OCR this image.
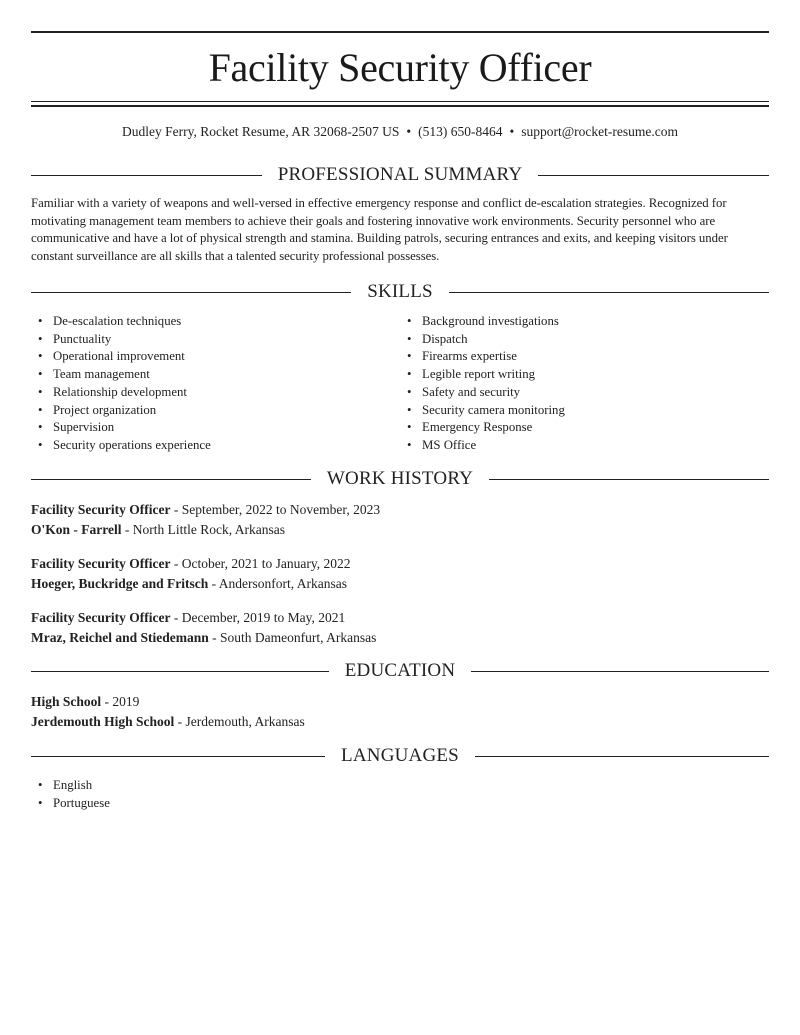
Facility Security Officer
Dudley Ferry, Rocket Resume, AR 32068-2507 US • (513) 650-8464 • support@rocket-resume.com
PROFESSIONAL SUMMARY

Familiar with a variety of weapons and well-versed in effective emergency response and conflict de-escalation strategies. Recognized for motivating management team members to achieve their goals and fostering innovative work environments. Security personnel who are communicative and have a lot of physical strength and stamina. Building patrols, securing entrances and exits, and keeping visitors under constant surveillance are all skills that a talented security professional possesses.

SKILLS
• De-escalation techniques
• Punctuality
• Operational improvement
• Team management
• Relationship development
• Project organization
• Supervision
• Security operations experience
• Background investigations
• Dispatch
• Firearms expertise
• Legible report writing
• Safety and security
• Security camera monitoring
• Emergency Response
• MS Office
WORK HISTORY
Facility Security Officer - September, 2022 to November, 2023
O'Kon - Farrell - North Little Rock, Arkansas
Facility Security Officer - October, 2021 to January, 2022
Hoeger, Buckridge and Fritsch - Andersonfort, Arkansas
Facility Security Officer - December, 2019 to May, 2021
Mraz, Reichel and Stiedemann - South Dameonfurt, Arkansas
EDUCATION
High School - 2019
Jerdemouth High School - Jerdemouth, Arkansas
LANGUAGES
• English
• Portuguese
